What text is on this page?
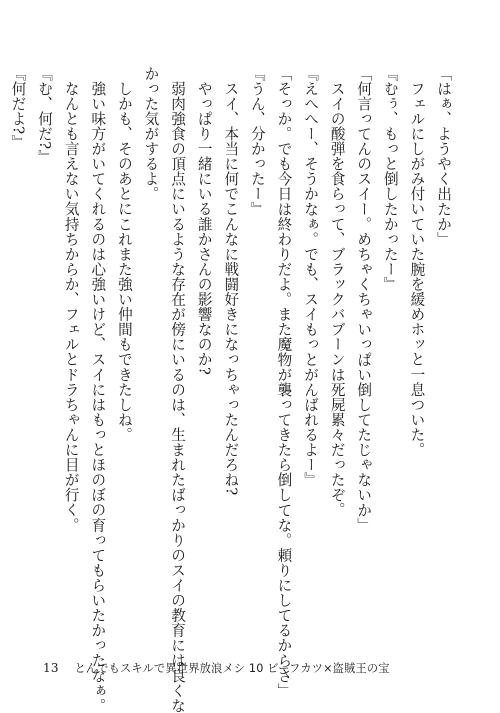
「はぁ、ようやく出たか」
フェルにしがみ付いていた腕を緩めホッと一息ついた。
『むぅ、もっと倒したかったー』
「何言ってんのスイー。めちゃくちゃいっぱい倒してたじゃないか」
スイの酸弾を食らって、ブラックバブーンは死屍累々だったぞ。
『えへへー、そうかなぁ。でも、スイもっとがんばれるよー』
「そっか。でも今日は終わりだよ。また魔物が襲ってきたら倒してな。頼りにしてるからさ」
『うん、分かったー』
スイ、本当に何でこんなに戦闘好きになっちゃったんだろね?
やっぱり一緒にいる誰かさんの影響なのか?
弱肉強食の頂点にいるような存在が傍にいるのは、生まれたばっかりのスイの教育には良くな
かった気がするよ。
しかも、そのあとにこれまた強い仲間もできたしね。
強い味方がいてくれるのは心強いけど、スイにはもっとほのぼの育ってもらいたかったなぁ。
なんとも言えない気持ちからか、フェルとドラちゃんに目が行く。
『む、何だ?』
『何だよ?』
13 とんでもスキルで異世界放浪メシ 10 ビーフカツ×盗賊王の宝
